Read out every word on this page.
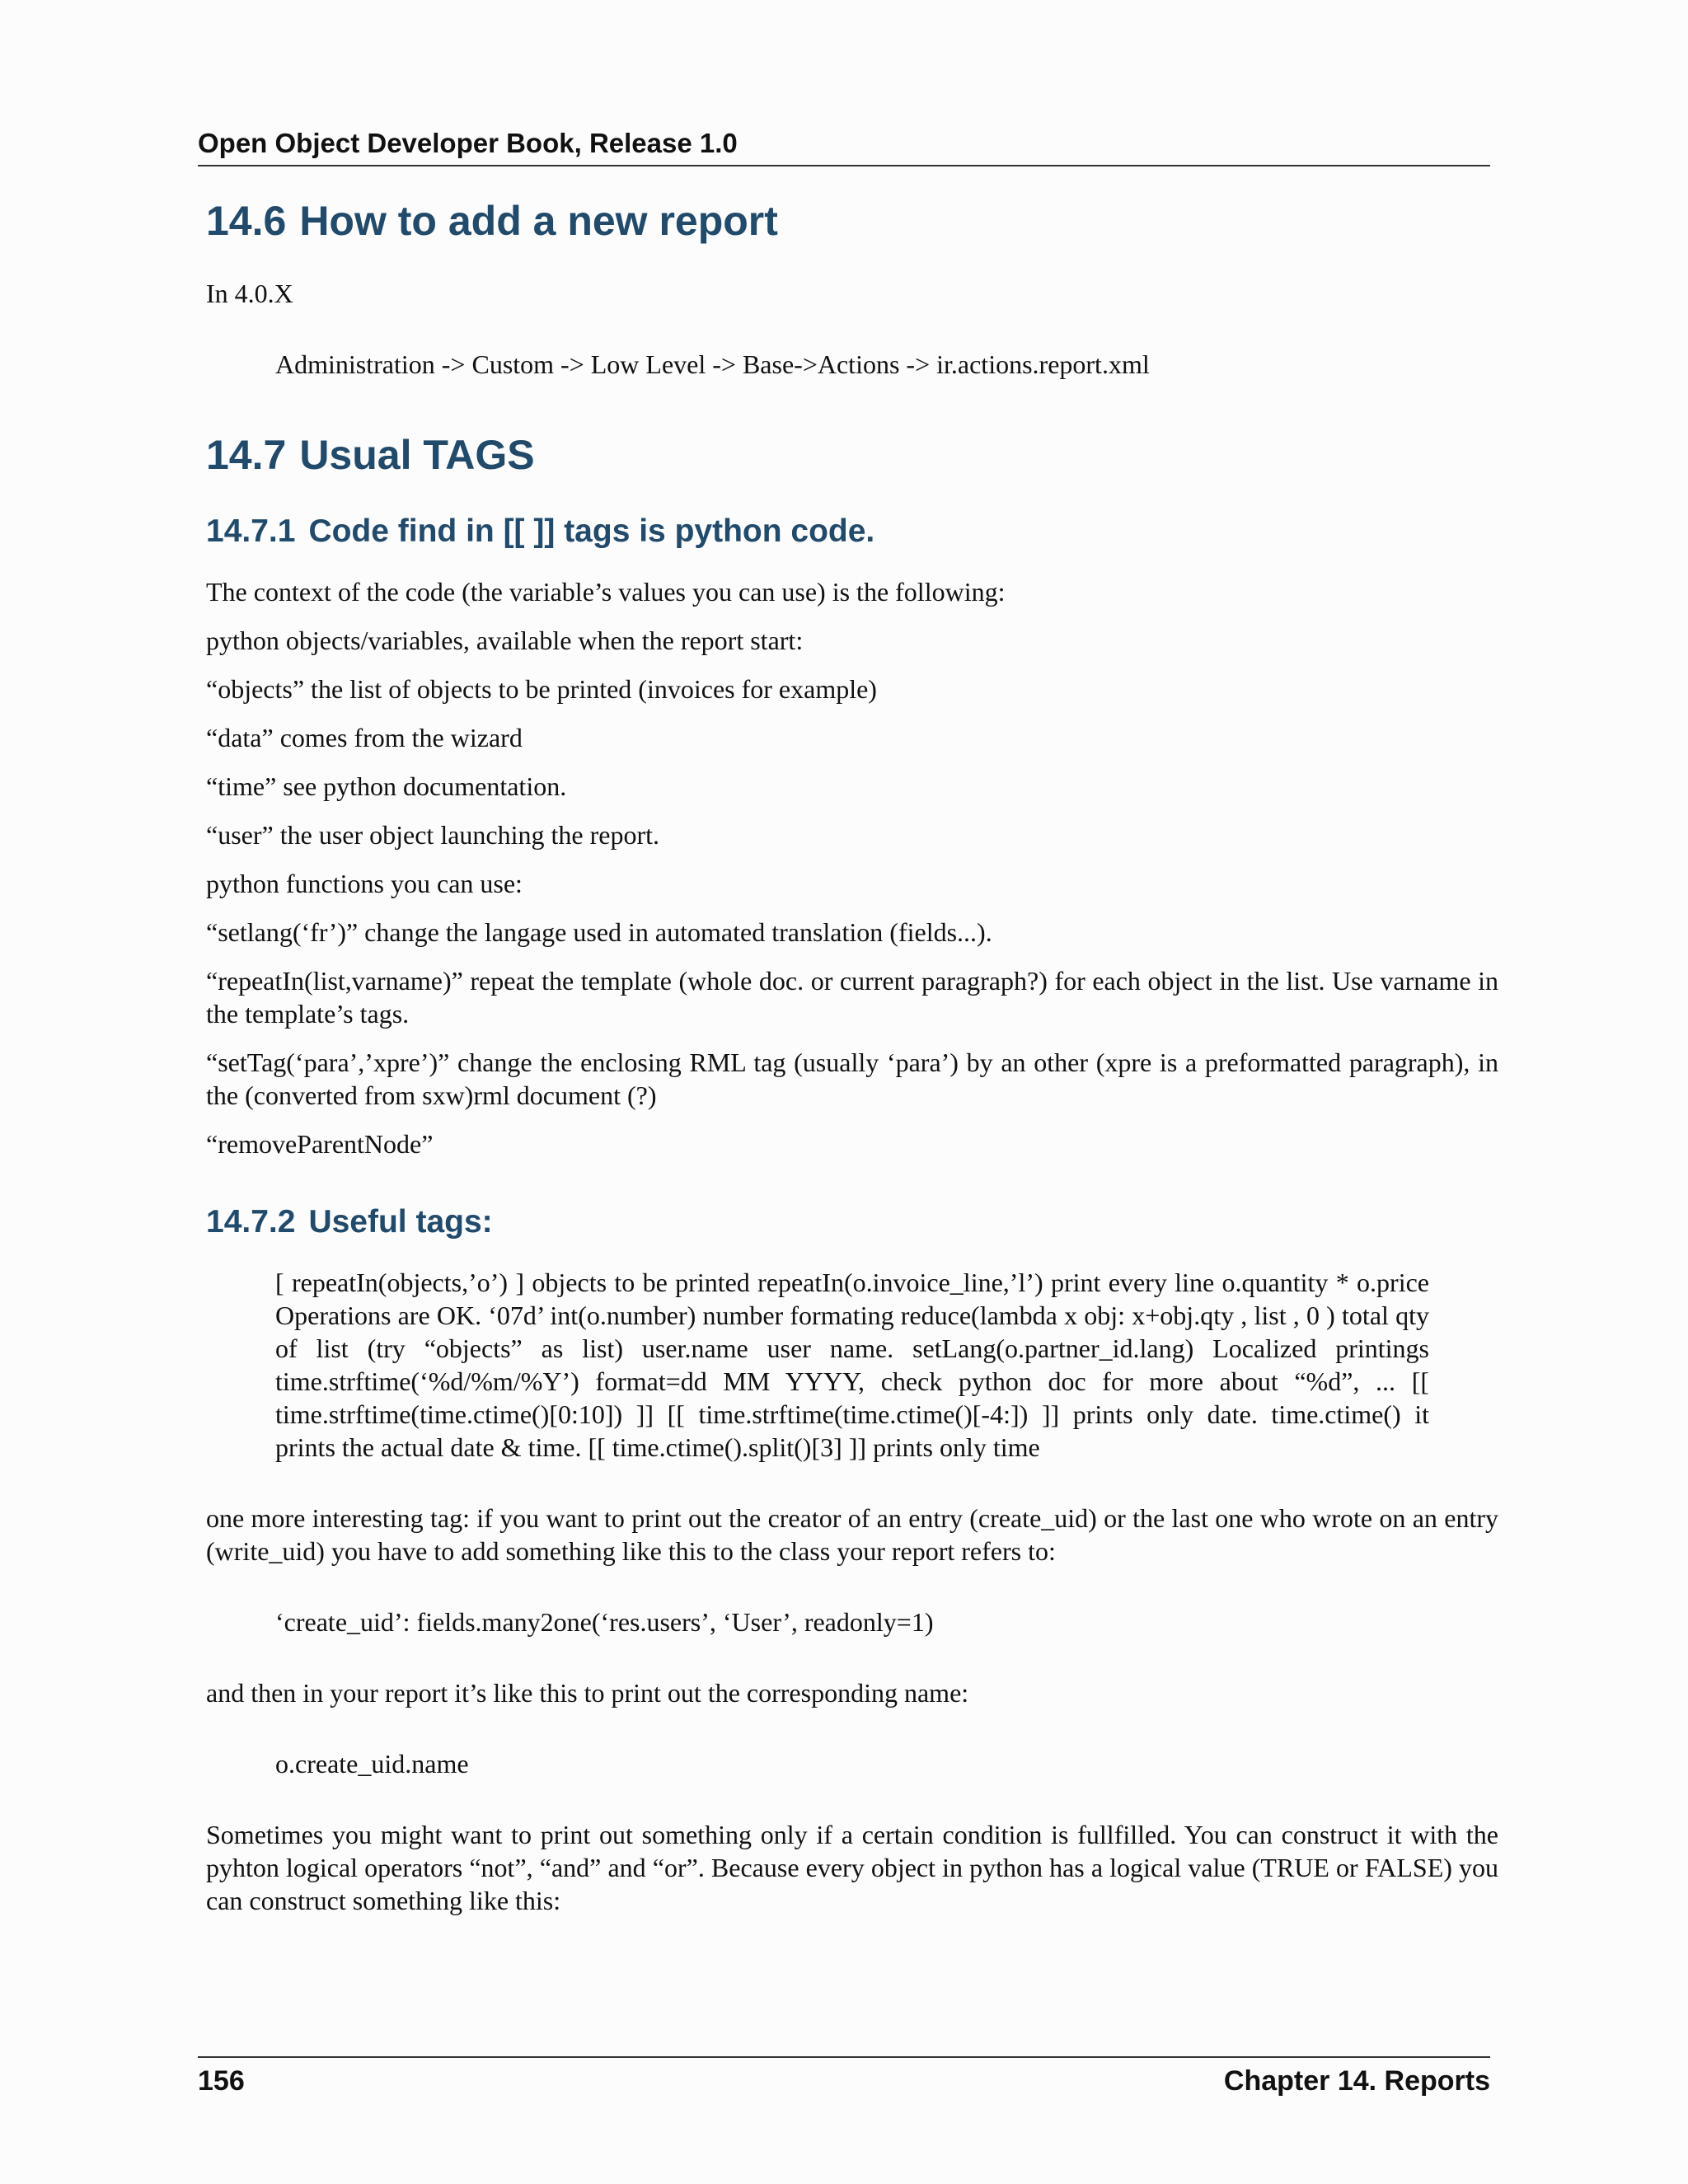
Open Object Developer Book, Release 1.0
14.6 How to add a new report

In 4.0.X

Administration -> Custom -> Low Level -> Base->Actions -> ir.actions.report.xml

14.7 Usual TAGS
14.7.1 Code find in [[ ]] tags is python code.

The context of the code (the variable’s values you can use) is the following:

python objects/variables, available when the report start:

“objects” the list of objects to be printed (invoices for example)

“data” comes from the wizard

“time” see python documentation.

“user” the user object launching the report.

python functions you can use:

“setlang(‘fr’)” change the langage used in automated translation (fields...).

“repeatIn(list,varname)” repeat the template (whole doc. or current paragraph?) for each object in the list. Use varname in the template’s tags.

“setTag(‘para’,’xpre’)” change the enclosing RML tag (usually ‘para’) by an other (xpre is a preformatted paragraph), in the (converted from sxw)rml document (?)

“removeParentNode”

14.7.2 Useful tags:

[ repeatIn(objects,’o’) ] objects to be printed repeatIn(o.invoice_line,’l’) print every line o.quantity * o.price Operations are OK. ‘07d’ int(o.number) number formating reduce(lambda x obj: x+obj.qty , list , 0 ) total qty of list (try “objects” as list) user.name user name. setLang(o.partner_id.lang) Localized printings time.strftime(‘%d/%m/%Y’) format=dd MM YYYY, check python doc for more about “%d”, ... [[ time.strftime(time.ctime()[0:10]) ]] [[ time.strftime(time.ctime()[-4:]) ]] prints only date. time.ctime() it prints the actual date & time. [[ time.ctime().split()[3] ]] prints only time

one more interesting tag: if you want to print out the creator of an entry (create_uid) or the last one who wrote on an entry (write_uid) you have to add something like this to the class your report refers to:

‘create_uid’: fields.many2one(‘res.users’, ‘User’, readonly=1)

and then in your report it’s like this to print out the corresponding name:

o.create_uid.name

Sometimes you might want to print out something only if a certain condition is fullfilled. You can construct it with the pyhton logical operators “not”, “and” and “or”. Because every object in python has a logical value (TRUE or FALSE) you can construct something like this:

156	Chapter 14. Reports
